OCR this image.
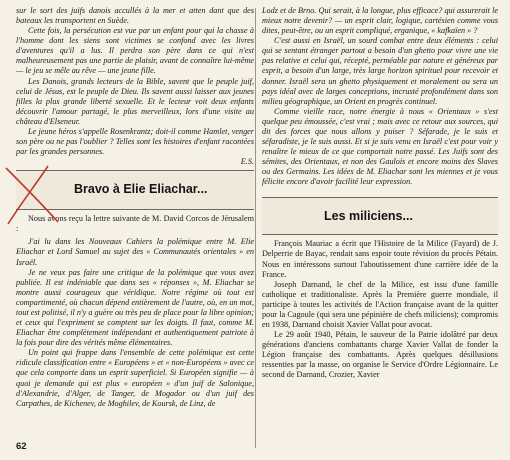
sur le sort des juifs danois accullés à la mer et atten dant que des bateaux les transportent en Suède.

Cette fois, la persécution est vue par un enfant pour qui la chasse à l'homme dont les siens sont victimes se confond avec les livres d'aventures qu'il a lus. Il perdra son père dans ce qui n'est malheureusement pas une partie de plaisir, avant de connaître lui-même — le jeu se mêle au rêve — une jeune fille.

Les Danois, grands lecteurs de la Bible, savent que le peuple juif, celui de Jésus, est le peuple de Dieu. Ils savent aussi laisser aux jeunes filles la plus grande liberté sexuelle. Et le lecteur voit deux enfants découvrir l'amour partagé, le plus merveilleux, lors d'une visite au château d'Elseneur.

Le jeune héros s'appelle Rosenkrantz; doit-il comme Hamlet, venger son père ou ne pas l'oublier ? Telles sont les histoires d'enfant racontées par les grandes personnes.

E.S.

Bravo à Elie Eliachar...

Nous avons reçu la lettre suivante de M. David Corcos de Jérusalem :

J'ai lu dans les Nouveaux Cahiers la polémique entre M. Elie Eliachar et Lord Samuel au sujet des « Communautés orientales » en Israël.

Je ne veux pas faire une critique de la polémique que vous avez publiée. Il est indéniable que dans ses « réponses », M. Eliachar se montre aussi courageux que véridique. Notre régime où tout est compartimenté, où chacun dépend entièrement de l'autre, où, en un mot, tout est politisé, il n'y a guère ou très peu de place pour la libre opinion; et ceux qui l'expriment se comptent sur les doigts. Il faut, comme M. Eliachar être complètement indépendant et authentiquement patriote à la fois pour dire des vérités même élémentaires.

Un point qui frappe dans l'ensemble de cette polémique est cette ridicule classification entre « Européens » et « non-Européens » avec ce que cela comporte dans un esprit superficiel. Si Européen signifie — à quoi je demande qui est plus « européen » d'un juif de Salonique, d'Alexandrie, d'Alger, de Tanger, de Mogador ou d'un juif des Carpathes, de Kichenev, de Moghilev, de Koursk, de Linz, de

Lodz et de Brno. Qui serait, à la longue, plus efficace? qui assurerait le mieux notre devenir? — un esprit clair, logique, cartésien comme vous dites, peut-être, ou un esprit compliqué, erganique, « kafkaïen » ?

C'est aussi en Israël, un sourd combat entre deux éléments : celui qui se sentant étranger partout a besoin d'un ghetto pour vivre une vie pas relative et celui qui, récepté, perméable par nature et généreux par esprit, a besoin d'un large, très large horizon spirituel pour recevoir et donner. Israël sera un ghetto physiquement et moralement ou sera un pays idéal avec de larges conceptions, incrusté profondément dans son milieu géographique, un Orient en progrès continuel.

Comme vieille race, notre énergie à nous « Orientaux » s'est quelque peu émoussée, c'est vrai ; mais avec ce retour aux sources, qui dit des forces que nous allons y puiser ? Séfarade, je le suis et séfaradiste, je le suis aussi. Et si je suis venu en Israël c'est pour voir y renaître le mieux de ce que comportait notre passé. Les Juifs sont des sémites, des Orientaux, et non des Gaulois et encore moins des Slaves ou des Germains. Les idées de M. Eliachar sont les miennes et je vous félicite encore d'avoir facilité leur expression.

Les miliciens...

François Mauriac a écrit que l'Histoire de la Milice (Fayard) de J. Delperrie de Bayac, rendait sans espoir toute révision du procès Pétain. Nous en intéressons surtout l'aboutissement d'une carrière idée de la France.

Joseph Darnand, le chef de la Milice, est issu d'une famille catholique et traditionaliste. Après la Première guerre mondiale, il participe à toutes les activités de l'Action française avant de la quitter pour la Cagoule (qui sera une pépinière de chefs miliciens); compromis en 1938, Darnand choisit Xavier Vallat pour avocat.

Le 29 août 1940, Pétain, le sauveur de la Patrie idolâtré par deux générations d'anciens combattants charge Xavier Vallat de fonder la Légion française des combattants. Après quelques désillusions ressenties par la masse, on organise le Service d'Ordre Légionnaire. Le second de Darnand, Crozier, Xavier

62
